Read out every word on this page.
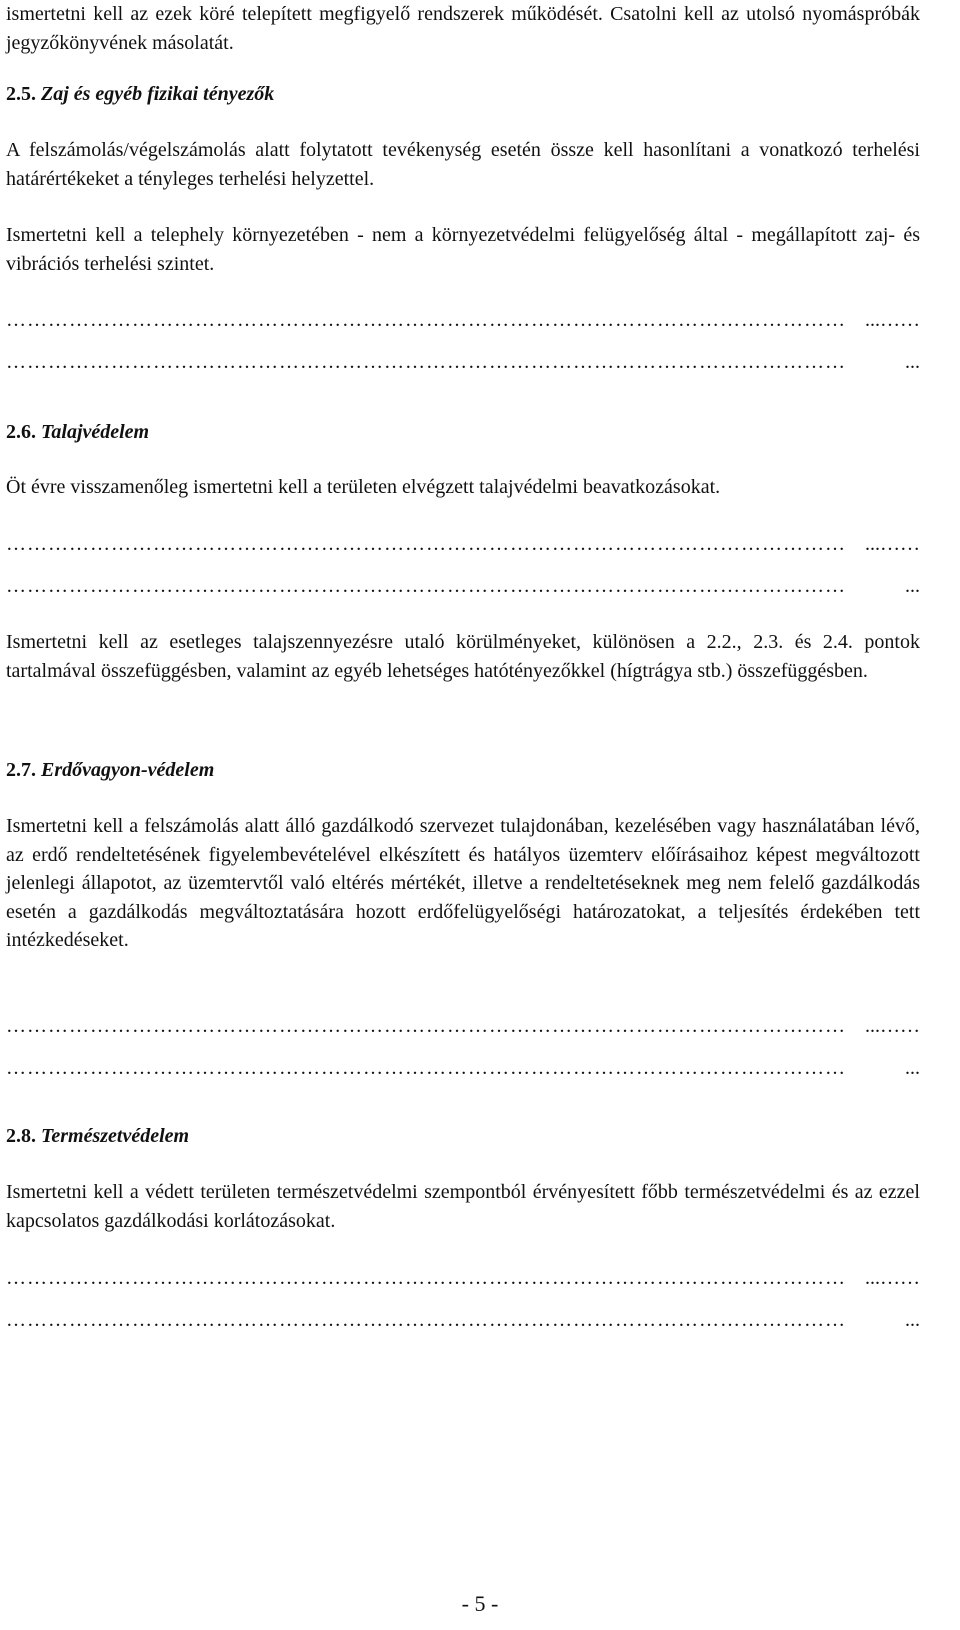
ismertetni kell az ezek köré telepített megfigyelő rendszerek működését. Csatolni kell az utolsó nyomáspróbák jegyzőkönyvének másolatát.

2.5. Zaj és egyéb fizikai tényezők

A felszámolás/végelszámolás alatt folytatott tevékenység esetén össze kell hasonlítani a vonatkozó terhelési határértékeket a tényleges terhelési helyzettel.

Ismertetni kell a telephely környezetében - nem a környezetvédelmi felügyelőség által - megállapított zaj- és vibrációs terhelési szintet.

………………………………………………………………………………………………………… ...……
…………………………………………………………………………………………………………	...
2.6. Talajvédelem

Öt évre visszamenőleg ismertetni kell a területen elvégzett talajvédelmi beavatkozásokat.

………………………………………………………………………………………………………… ...……
…………………………………………………………………………………………………………	...

Ismertetni kell az esetleges talajszennyezésre utaló körülményeket, különösen a 2.2., 2.3. és 2.4. pontok tartalmával összefüggésben, valamint az egyéb lehetséges hatótényezőkkel (hígtrágya stb.) összefüggésben.

2.7. Erdővagyon-védelem

Ismertetni kell a felszámolás alatt álló gazdálkodó szervezet tulajdonában, kezelésében vagy használatában lévő, az erdő rendeltetésének figyelembevételével elkészített és hatályos üzemterv előírásaihoz képest megváltozott jelenlegi állapotot, az üzemtervtől való eltérés mértékét, illetve a rendeltetéseknek meg nem felelő gazdálkodás esetén a gazdálkodás megváltoztatására hozott erdőfelügyelőségi határozatokat, a teljesítés érdekében tett intézkedéseket.

………………………………………………………………………………………………………… ...……
…………………………………………………………………………………………………………	...
2.8. Természetvédelem

Ismertetni kell a védett területen természetvédelmi szempontból érvényesített főbb természetvédelmi és az ezzel kapcsolatos gazdálkodási korlátozásokat.

………………………………………………………………………………………………………… ...……
…………………………………………………………………………………………………………	...
- 5 -
